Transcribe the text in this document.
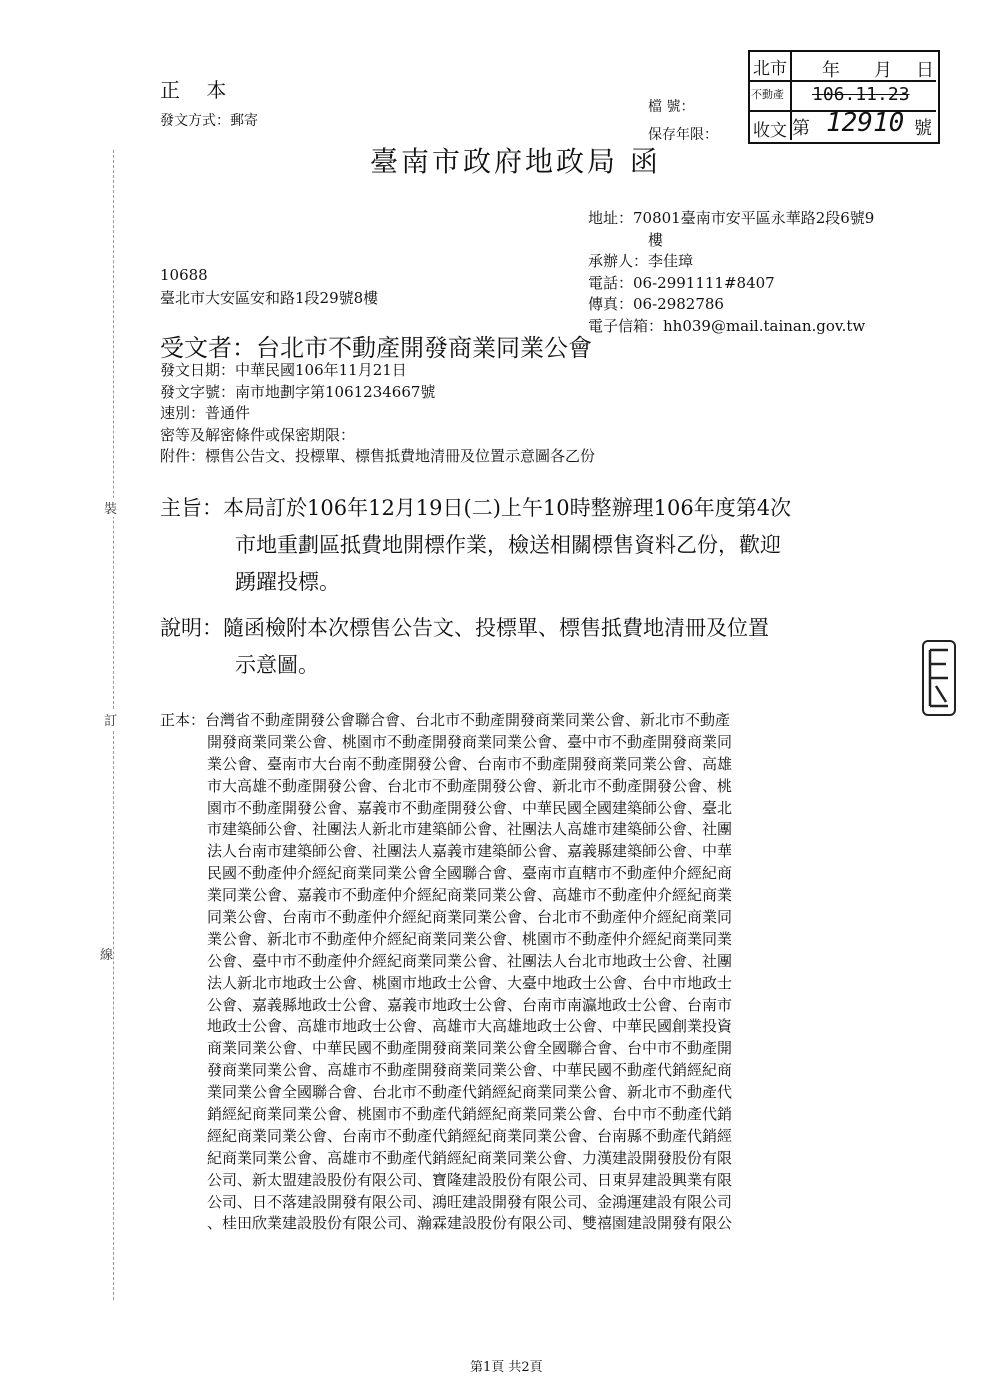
正 本
發文方式：郵寄
檔 號：
保存年限：
臺南市政府地政局 函
北市
不動產
收文
年 月 日
106.11.23
第 12910 號
地址：70801臺南市安平區永華路2段6號9
樓
承辦人：李佳璋
電話：06-2991111#8407
傳真：06-2982786
電子信箱：hh039@mail.tainan.gov.tw
10688
臺北市大安區安和路1段29號8樓
受文者：台北市不動產開發商業同業公會
發文日期：中華民國106年11月21日
發文字號：南市地劃字第1061234667號
速別：普通件
密等及解密條件或保密期限：
附件：標售公告文、投標單、標售抵費地清冊及位置示意圖各乙份
主旨：本局訂於106年12月19日(二)上午10時整辦理106年度第4次
市地重劃區抵費地開標作業，檢送相關標售資料乙份，歡迎
踴躍投標。
說明：隨函檢附本次標售公告文、投標單、標售抵費地清冊及位置
示意圖。
正本：台灣省不動產開發公會聯合會、台北市不動產開發商業同業公會、新北市不動產
開發商業同業公會、桃園市不動產開發商業同業公會、臺中市不動產開發商業同
業公會、臺南市大台南不動產開發公會、台南市不動產開發商業同業公會、高雄
市大高雄不動產開發公會、台北市不動產開發公會、新北市不動產開發公會、桃
園市不動產開發公會、嘉義市不動產開發公會、中華民國全國建築師公會、臺北
市建築師公會、社團法人新北市建築師公會、社團法人高雄市建築師公會、社團
法人台南市建築師公會、社團法人嘉義市建築師公會、嘉義縣建築師公會、中華
民國不動產仲介經紀商業同業公會全國聯合會、臺南市直轄市不動產仲介經紀商
業同業公會、嘉義市不動產仲介經紀商業同業公會、高雄市不動產仲介經紀商業
同業公會、台南市不動產仲介經紀商業同業公會、台北市不動產仲介經紀商業同
業公會、新北市不動產仲介經紀商業同業公會、桃園市不動產仲介經紀商業同業
公會、臺中市不動產仲介經紀商業同業公會、社團法人台北市地政士公會、社團
法人新北市地政士公會、桃園市地政士公會、大臺中地政士公會、台中市地政士
公會、嘉義縣地政士公會、嘉義市地政士公會、台南市南瀛地政士公會、台南市
地政士公會、高雄市地政士公會、高雄市大高雄地政士公會、中華民國創業投資
商業同業公會、中華民國不動產開發商業同業公會全國聯合會、台中市不動產開
發商業同業公會、高雄市不動產開發商業同業公會、中華民國不動產代銷經紀商
業同業公會全國聯合會、台北市不動產代銷經紀商業同業公會、新北市不動產代
銷經紀商業同業公會、桃園市不動產代銷經紀商業同業公會、台中市不動產代銷
經紀商業同業公會、台南市不動產代銷經紀商業同業公會、台南縣不動產代銷經
紀商業同業公會、高雄市不動產代銷經紀商業同業公會、力漢建設開發股份有限
公司、新太盟建設股份有限公司、寶隆建設股份有限公司、日東昇建設興業有限
公司、日不落建設開發有限公司、鴻旺建設開發有限公司、金鴻運建設有限公司
、桂田欣業建設股份有限公司、瀚霖建設股份有限公司、雙禧園建設開發有限公
裝
訂
線
第1頁 共2頁
